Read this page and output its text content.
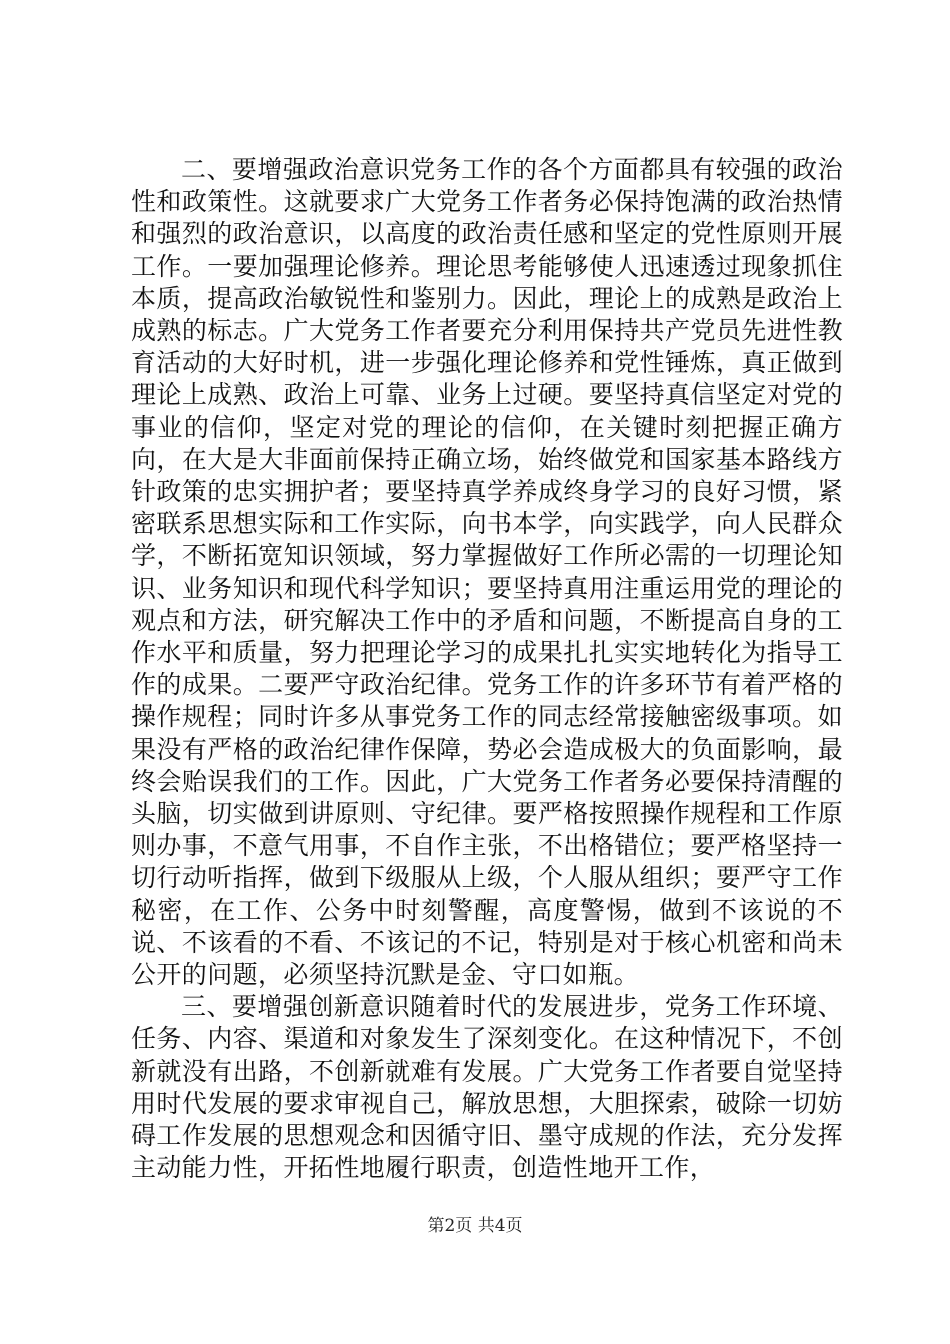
二、要增强政治意识党务工作的各个方面都具有较强的政治性和政策性。这就要求广大党务工作者务必保持饱满的政治热情和强烈的政治意识，以高度的政治责任感和坚定的党性原则开展工作。一要加强理论修养。理论思考能够使人迅速透过现象抓住本质，提高政治敏锐性和鉴别力。因此，理论上的成熟是政治上成熟的标志。广大党务工作者要充分利用保持共产党员先进性教育活动的大好时机，进一步强化理论修养和党性锤炼，真正做到理论上成熟、政治上可靠、业务上过硬。要坚持真信坚定对党的事业的信仰，坚定对党的理论的信仰，在关键时刻把握正确方向，在大是大非面前保持正确立场，始终做党和国家基本路线方针政策的忠实拥护者；要坚持真学养成终身学习的良好习惯，紧密联系思想实际和工作实际，向书本学，向实践学，向人民群众学，不断拓宽知识领域，努力掌握做好工作所必需的一切理论知识、业务知识和现代科学知识；要坚持真用注重运用党的理论的观点和方法，研究解决工作中的矛盾和问题，不断提高自身的工作水平和质量，努力把理论学习的成果扎扎实实地转化为指导工作的成果。二要严守政治纪律。党务工作的许多环节有着严格的操作规程；同时许多从事党务工作的同志经常接触密级事项。如果没有严格的政治纪律作保障，势必会造成极大的负面影响，最终会贻误我们的工作。因此，广大党务工作者务必要保持清醒的头脑，切实做到讲原则、守纪律。要严格按照操作规程和工作原则办事，不意气用事，不自作主张，不出格错位；要严格坚持一切行动听指挥，做到下级服从上级，个人服从组织；要严守工作秘密，在工作、公务中时刻警醒，高度警惕，做到不该说的不说、不该看的不看、不该记的不记，特别是对于核心机密和尚未公开的问题，必须坚持沉默是金、守口如瓶。

三、要增强创新意识随着时代的发展进步，党务工作环境、任务、内容、渠道和对象发生了深刻变化。在这种情况下，不创新就没有出路，不创新就难有发展。广大党务工作者要自觉坚持用时代发展的要求审视自己，解放思想，大胆探索，破除一切妨碍工作发展的思想观念和因循守旧、墨守成规的作法，充分发挥主动能力性，开拓性地履行职责，创造性地开工作，

第2页 共4页
